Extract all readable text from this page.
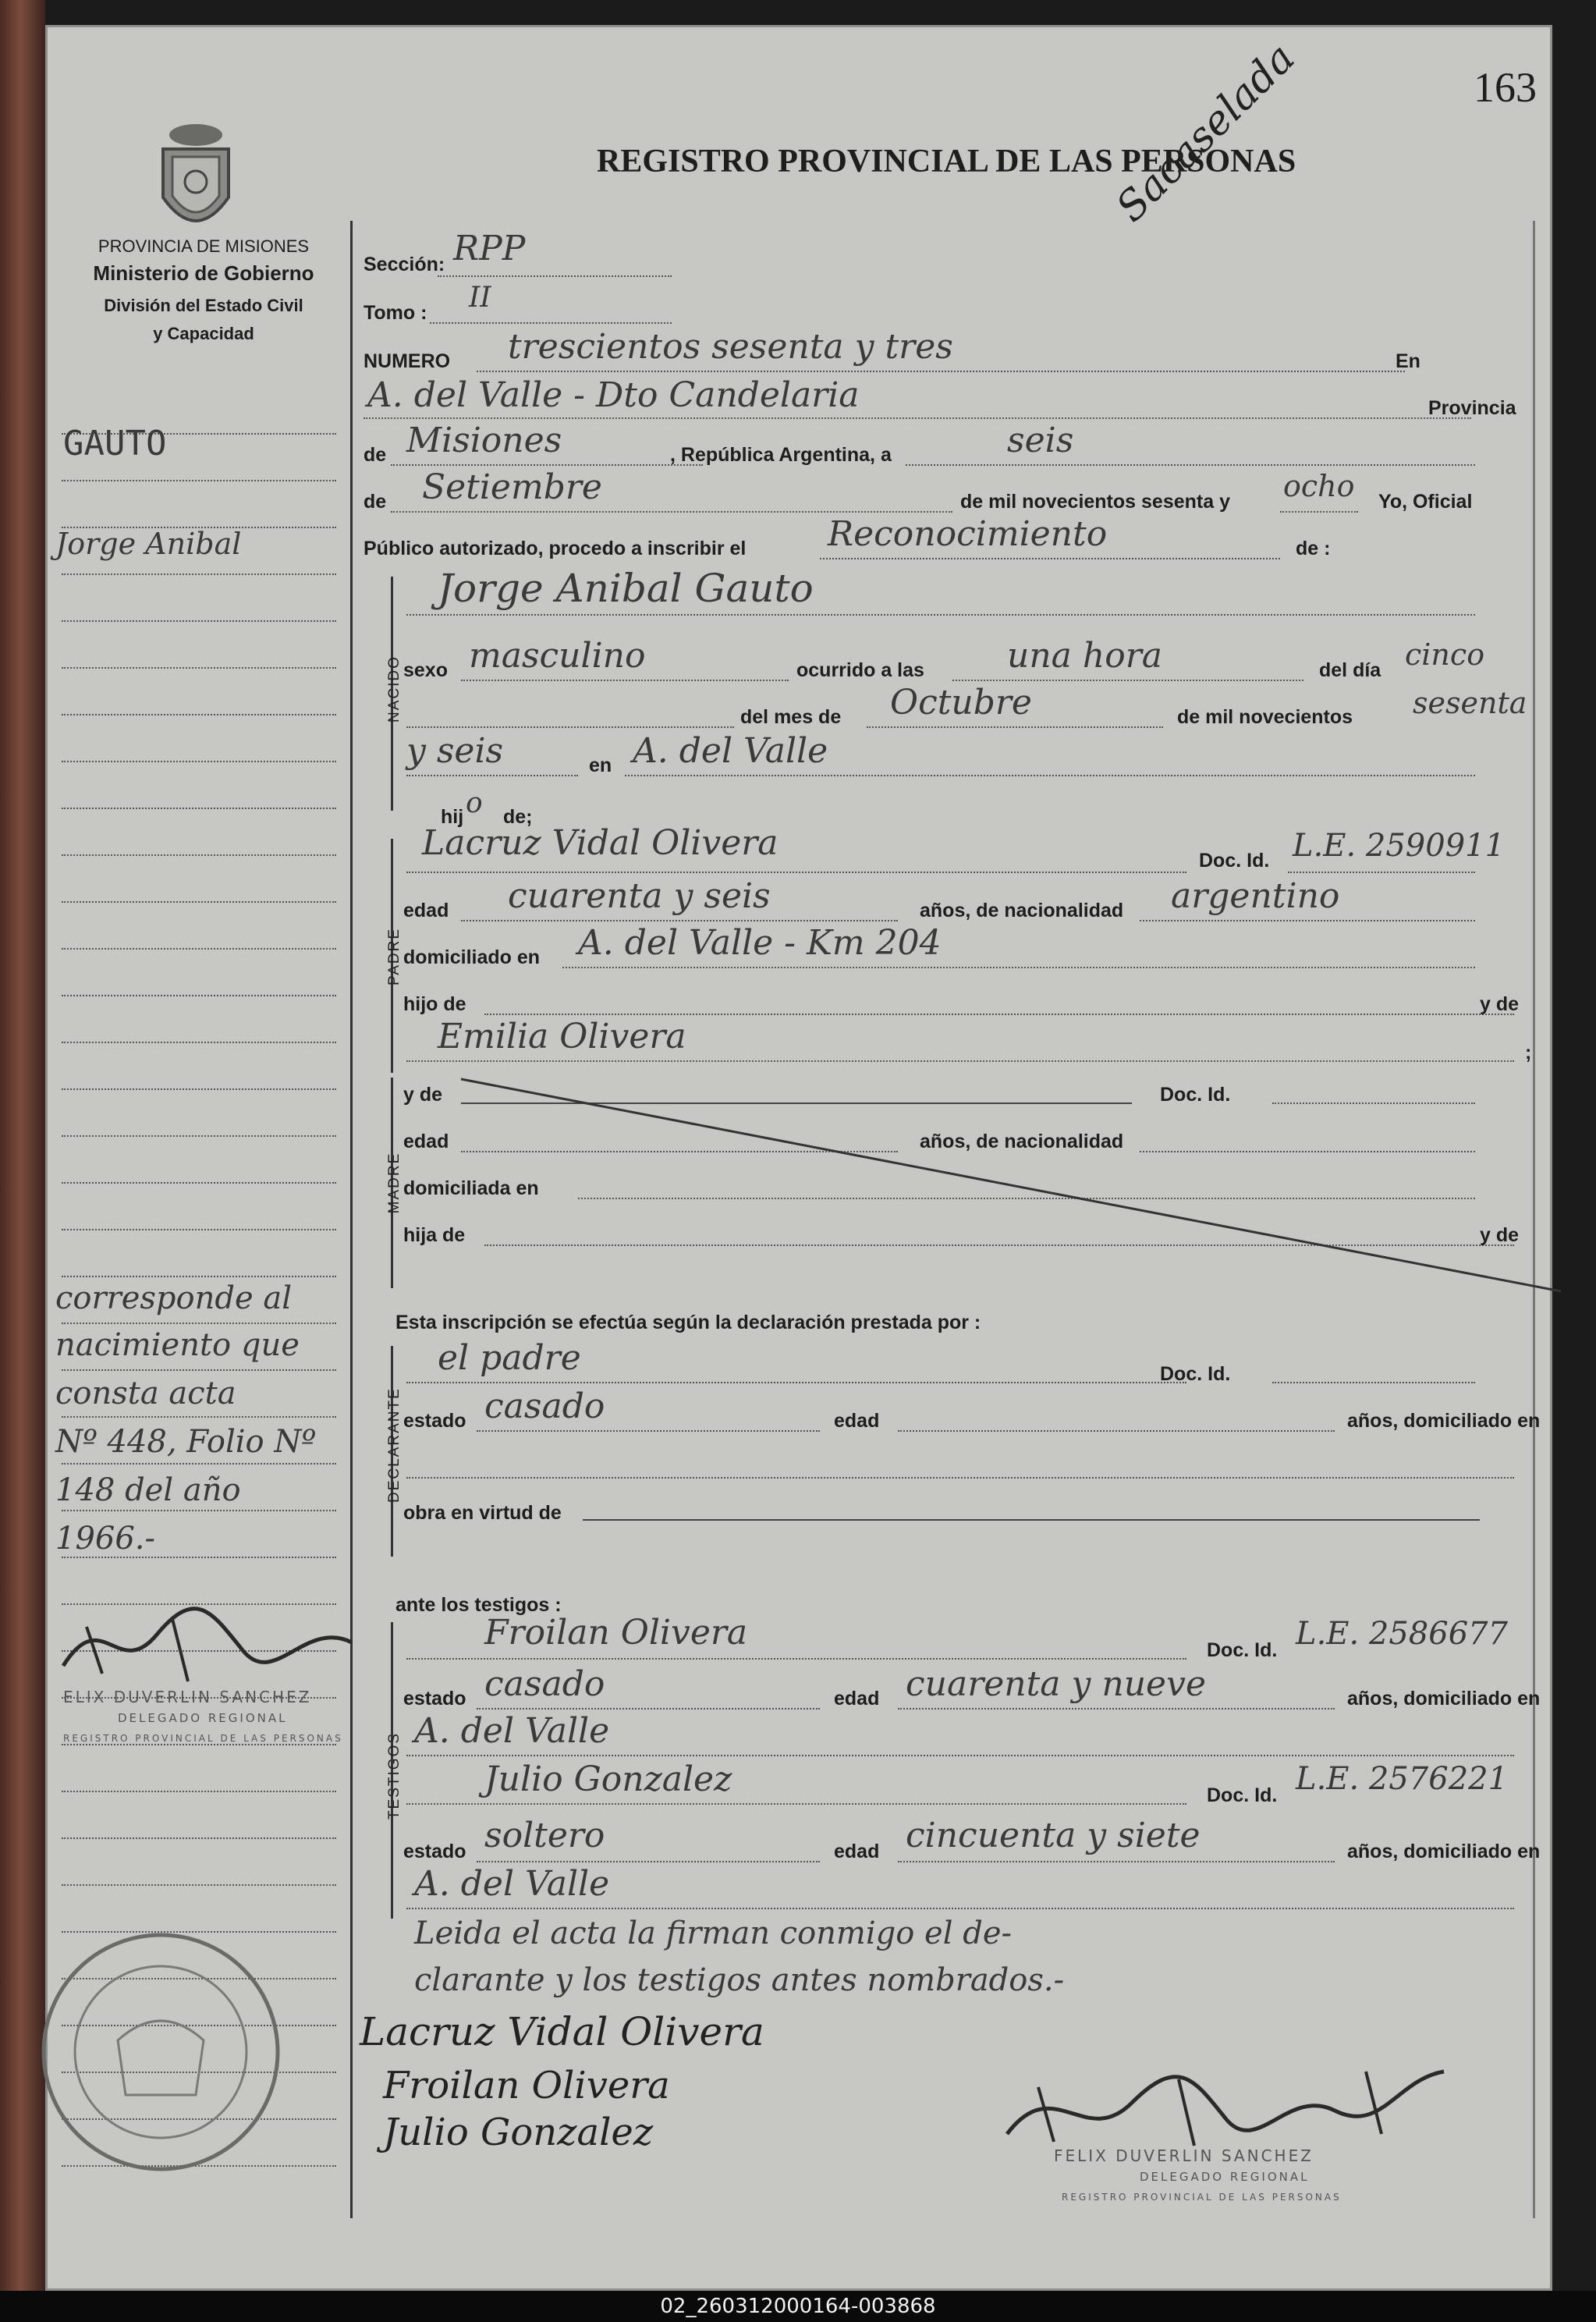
163
REGISTRO PROVINCIAL DE LAS PERSONAS
Sacaselada
PROVINCIA DE MISIONES
Ministerio de Gobierno
División del Estado Civil
y Capacidad
GAUTO
Jorge Anibal
corresponde al
nacimiento que
consta acta
Nº 448, Folio Nº
148 del año
1966.-
ELIX DUVERLIN SANCHEZ
DELEGADO REGIONAL
REGISTRO PROVINCIAL DE LAS PERSONAS
Sección: RPP
Tomo : II
NUMERO trescientos sesenta y tres	En
A. del Valle - Dto Candelaria	Provincia
de Misiones	, República Argentina, a	seis
de Setiembre	de mil novecientos sesenta y ocho Yo, Oficial
Público autorizado, procedo a inscribir el Reconocimiento	de :
NACIDO
Jorge Anibal Gauto
sexo masculino	ocurrido a las una hora	del día cinco
del mes de Octubre	de mil novecientos sesenta
y seis	en A. del Valle
hij o de;
PADRE
Lacruz Vidal Olivera	Doc. Id. L.E. 2590911
edad cuarenta y seis	años, de nacionalidad argentino
domiciliado en A. del Valle - Km 204
hijo de	y de
Emilia Olivera	;
MADRE
y de	Doc. Id.
edad	años, de nacionalidad
domiciliada en
hija de	y de
Esta inscripción se efectúa según la declaración prestada por :
DECLARANTE
el padre	Doc. Id.
estado casado	edad	años, domiciliado en
obra en virtud de
ante los testigos :
TESTIGOS
Froilan Olivera	Doc. Id. L.E. 2586677
estado casado	edad cuarenta y nueve	años, domiciliado en
A. del Valle
Julio Gonzalez	Doc. Id. L.E. 2576221
estado soltero	edad cincuenta y siete	años, domiciliado en
A. del Valle
Leida el acta la firman conmigo el de-
clarante y los testigos antes nombrados.-
Lacruz Vidal Olivera
Froilan Olivera
Julio Gonzalez
FELIX DUVERLIN SANCHEZ
DELEGADO REGIONAL
REGISTRO PROVINCIAL DE LAS PERSONAS
02_260312000164-003868
